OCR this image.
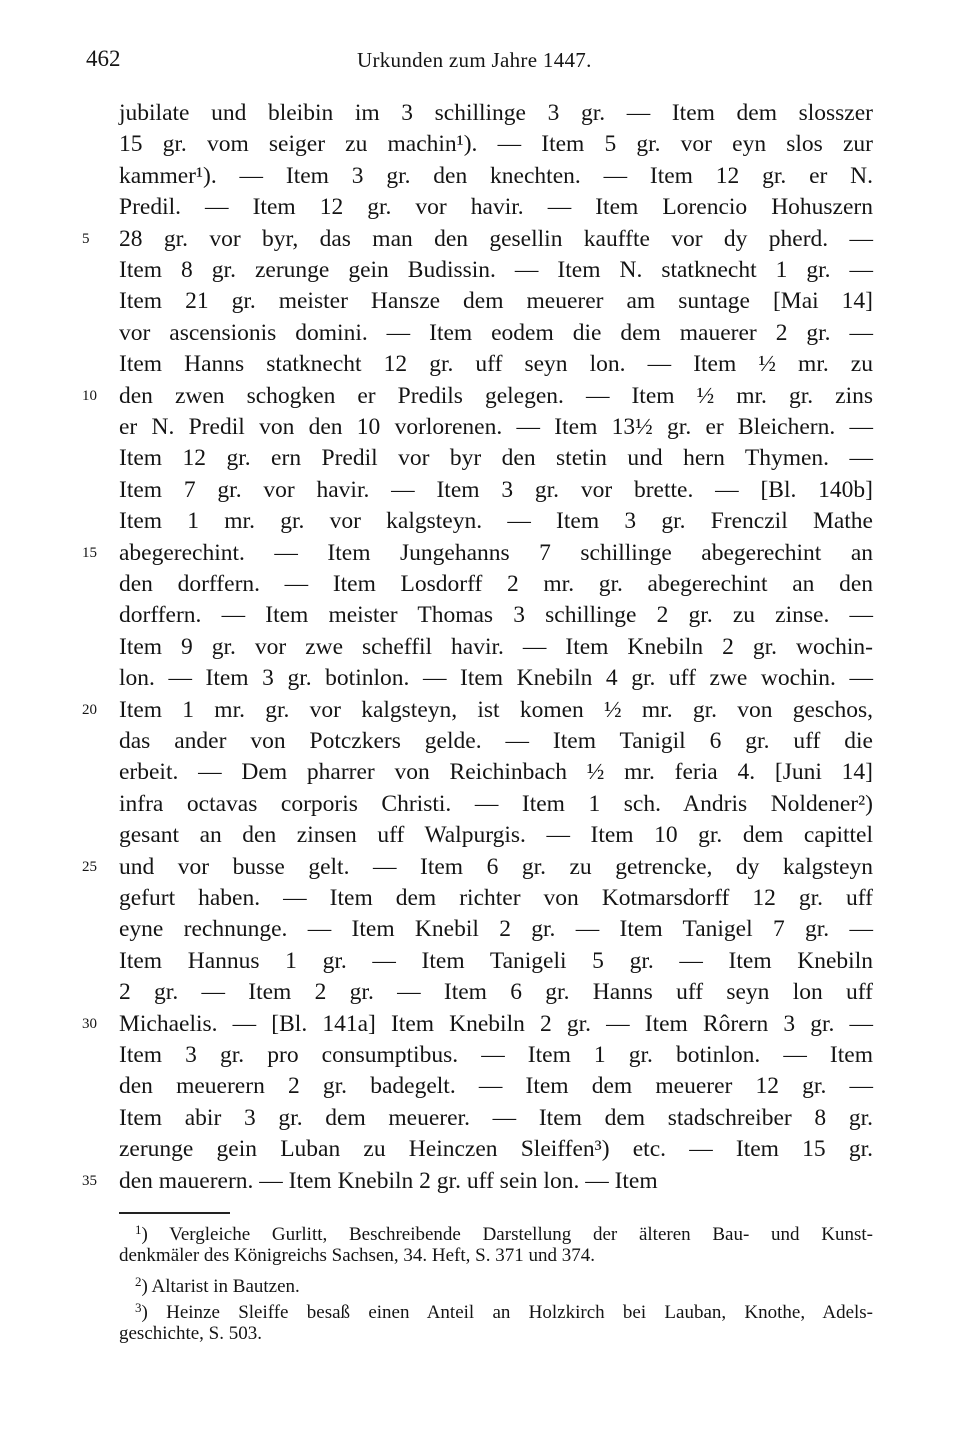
462	Urkunden zum Jahre 1447.
jubilate und bleibin im 3 schillinge 3 gr. — Item dem slosszer
15 gr. vom seiger zu machin¹). — Item 5 gr. vor eyn slos zur
kammer¹). — Item 3 gr. den knechten. — Item 12 gr. er N.
Predil. — Item 12 gr. vor havir. — Item Lorencio Hohuszern
28 gr. vor byr, das man den gesellin kauffte vor dy pherd. —
5
Item 8 gr. zerunge gein Budissin. — Item N. statknecht 1 gr. —
Item 21 gr. meister Hansze dem meuerer am suntage [Mai 14]
vor ascensionis domini. — Item eodem die dem mauerer 2 gr. —
Item Hanns statknecht 12 gr. uff seyn lon. — Item ½ mr. zu
den zwen schogken er Predils gelegen. — Item ½ mr. gr. zins
10
er N. Predil von den 10 vorlorenen. — Item 13½ gr. er Bleichern. —
Item 12 gr. ern Predil vor byr den stetin und hern Thymen. —
Item 7 gr. vor havir. — Item 3 gr. vor brette. — [Bl. 140b]
Item 1 mr. gr. vor kalgsteyn. — Item 3 gr. Frenczil Mathe
abegerechint. — Item Jungehanns 7 schillinge abegerechint an
15
den dorffern. — Item Losdorff 2 mr. gr. abegerechint an den
dorffern. — Item meister Thomas 3 schillinge 2 gr. zu zinse. —
Item 9 gr. vor zwe scheffil havir. — Item Knebiln 2 gr. wochin-
lon. — Item 3 gr. botinlon. — Item Knebiln 4 gr. uff zwe wochin. —
Item 1 mr. gr. vor kalgsteyn, ist komen ½ mr. gr. von geschos,
20
das ander von Potczkers gelde. — Item Tanigil 6 gr. uff die
erbeit. — Dem pharrer von Reichinbach ½ mr. feria 4. [Juni 14]
infra octavas corporis Christi. — Item 1 sch. Andris Noldener²)
gesant an den zinsen uff Walpurgis. — Item 10 gr. dem capittel
und vor busse gelt. — Item 6 gr. zu getrencke, dy kalgsteyn
25
gefurt haben. — Item dem richter von Kotmarsdorff 12 gr. uff
eyne rechnunge. — Item Knebil 2 gr. — Item Tanigel 7 gr. —
Item Hannus 1 gr. — Item Tanigeli 5 gr. — Item Knebiln
2 gr. — Item 2 gr. — Item 6 gr. Hanns uff seyn lon uff
Michaelis. — [Bl. 141a] Item Knebiln 2 gr. — Item Rôrern 3 gr. —
30
Item 3 gr. pro consumptibus. — Item 1 gr. botinlon. — Item
den meuerern 2 gr. badegelt. — Item dem meuerer 12 gr. —
Item abir 3 gr. dem meuerer. — Item dem stadschreiber 8 gr.
zerunge gein Luban zu Heinczen Sleiffen³) etc. — Item 15 gr.
den mauerern. — Item Knebiln 2 gr. uff sein lon. — Item
35
$^1$) Vergleiche Gurlitt, Beschreibende Darstellung der älteren Bau- und Kunst-
denkmäler des Königreichs Sachsen, 34. Heft, S. 371 und 374.
$^2$) Altarist in Bautzen.
$^3$) Heinze Sleiffe besaß einen Anteil an Holzkirch bei Lauban, Knothe, Adels-
geschichte, S. 503.
